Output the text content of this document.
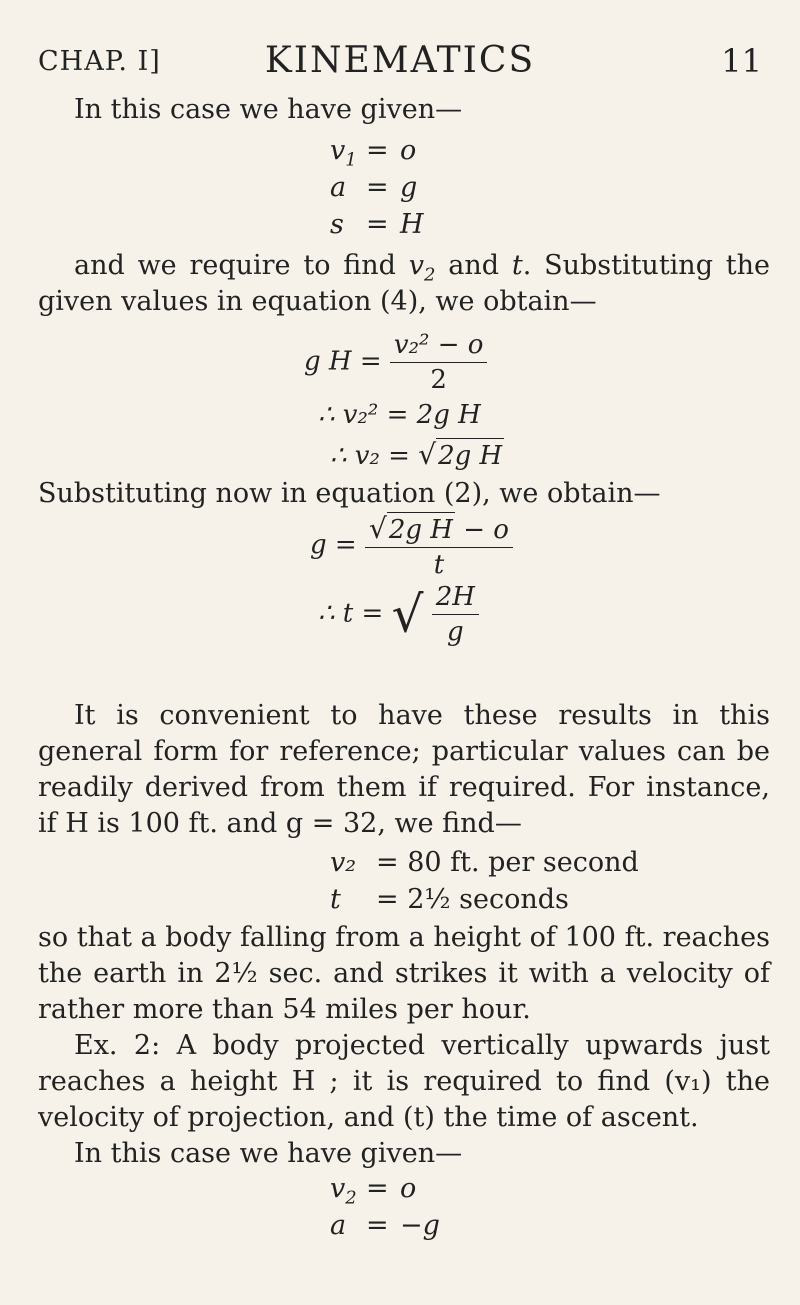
CHAP. I]	KINEMATICS	11
In this case we have given—
$v_1 = o$
a = g
s = H
and we require to find $v_2$ and t. Substituting the given values in equation (4), we obtain—
g $H = \frac{\text{v₂² − o}}{2}$
∴ v₂² = 2g H
∴ v₂ = √2g H
Substituting now in equation (2), we obtain—
$g = \frac{\text{√2g H − o}}{t}$
∴ t = √ $\frac{2H}{g}$
It is convenient to have these results in this general form for reference; particular values can be readily derived from them if required. For instance, if H is 100 ft. and g = 32, we find—
v₂ = 80 ft. per second
t = 2½ seconds
so that a body falling from a height of 100 ft. reaches the earth in 2½ sec. and strikes it with a velocity of rather more than 54 miles per hour.
Ex. 2: A body projected vertically upwards just reaches a height H ; it is required to find (v₁) the velocity of projection, and (t) the time of ascent.
In this case we have given—
$v_2 = o$
a = −g
